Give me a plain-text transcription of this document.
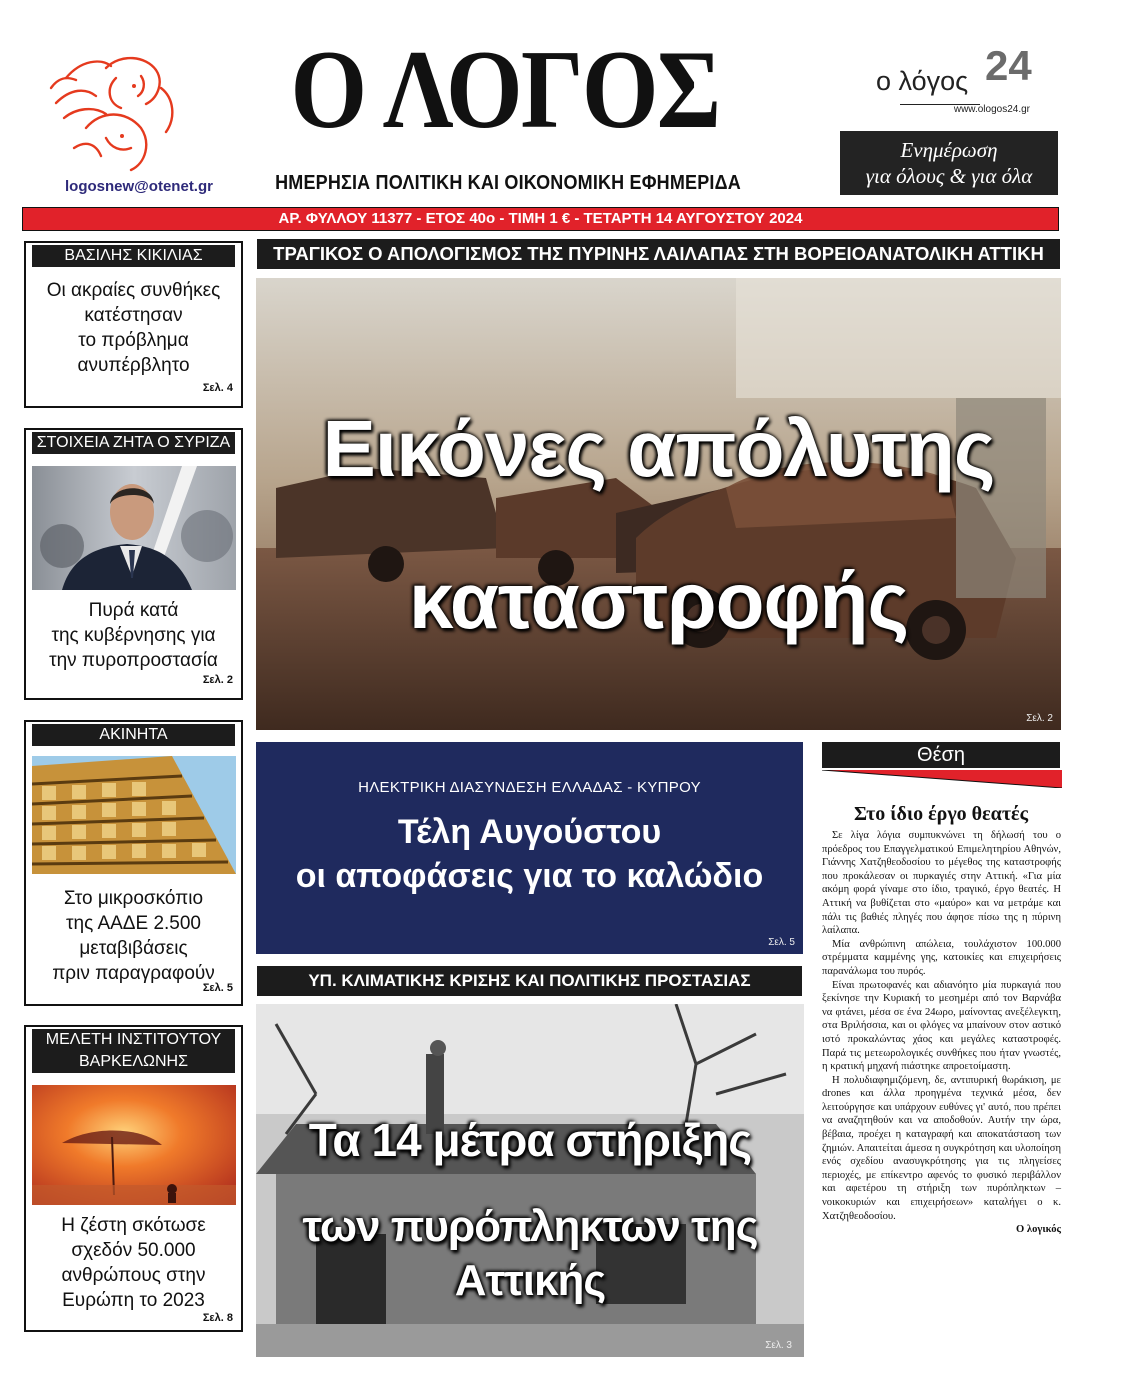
logosnew@otenet.gr
Ο ΛΟΓΟΣ
ΗΜΕΡΗΣΙΑ ΠΟΛΙΤΙΚΗ ΚΑΙ ΟΙΚΟΝΟΜΙΚΗ ΕΦΗΜΕΡΙΔΑ
ο λόγος 24
www.ologos24.gr
Ενημέρωση
για όλους & για όλα
ΑΡ. ΦΥΛΛΟΥ 11377 - ΕΤΟΣ 40ο - ΤΙΜΗ 1 € - ΤΕΤΑΡΤΗ 14 ΑΥΓΟΥΣΤΟΥ 2024
ΒΑΣΙΛΗΣ ΚΙΚΙΛΙΑΣ
Οι ακραίες συνθήκες
κατέστησαν
το πρόβλημα
ανυπέρβλητο
Σελ. 4
ΣΤΟΙΧΕΙΑ ΖΗΤΑ Ο ΣΥΡΙΖΑ
Πυρά κατά
της κυβέρνησης για
την πυροπροστασία
Σελ. 2
ΑΚΙΝΗΤΑ
Στο μικροσκόπιο
της ΑΑΔΕ 2.500
μεταβιβάσεις
πριν παραγραφούν
Σελ. 5
ΜΕΛΕΤΗ ΙΝΣΤΙΤΟΥΤΟΥ
ΒΑΡΚΕΛΩΝΗΣ
Η ζέστη σκότωσε
σχεδόν 50.000
ανθρώπους στην
Ευρώπη το 2023
Σελ. 8
ΤΡΑΓΙΚΟΣ Ο ΑΠΟΛΟΓΙΣΜΟΣ ΤΗΣ ΠΥΡΙΝΗΣ ΛΑΙΛΑΠΑΣ ΣΤΗ ΒΟΡΕΙΟΑΝΑΤΟΛΙΚΗ ΑΤΤΙΚΗ
Εικόνες απόλυτης
καταστροφής
Σελ. 2
ΗΛΕΚΤΡΙΚΗ ΔΙΑΣΥΝΔΕΣΗ ΕΛΛΑΔΑΣ - ΚΥΠΡΟΥ
Τέλη Αυγούστου
οι αποφάσεις για το καλώδιο
Σελ. 5
ΥΠ. ΚΛΙΜΑΤΙΚΗΣ ΚΡΙΣΗΣ ΚΑΙ ΠΟΛΙΤΙΚΗΣ ΠΡΟΣΤΑΣΙΑΣ
Τα 14 μέτρα στήριξης
των πυρόπληκτων της Αττικής
Σελ. 3
Θέση
Στο ίδιο έργο θεατές

Σε λίγα λόγια συμπυκνώνει τη δήλωσή του ο πρόεδρος του Επαγγελματικού Επιμελητηρίου Αθηνών, Γιάννης Χατζηθεοδοσίου το μέγεθος της καταστροφής που προκάλεσαν οι πυρκαγιές στην Αττική. «Για μία ακόμη φορά γίναμε στο ίδιο, τραγικό, έργο θεατές. Η Αττική να βυθίζεται στο «μαύρο» και να μετράμε και πάλι τις βαθιές πληγές που άφησε πίσω της η πύρινη λαίλαπα.

Μία ανθρώπινη απώλεια, τουλάχιστον 100.000 στρέμματα καμμένης γης, κατοικίες και επιχειρήσεις παρανάλωμα του πυρός.

Είναι πρωτοφανές και αδιανόητο μία πυρκαγιά που ξεκίνησε την Κυριακή το μεσημέρι από τον Βαρνάβα να φτάνει, μέσα σε ένα 24ωρο, μαίνοντας ανεξέλεγκτη, στα Βριλήσσια, και οι φλόγες να μπαίνουν στον αστικό ιστό προκαλώντας χάος και μεγάλες καταστροφές. Παρά τις μετεωρολογικές συνθήκες που ήταν γνωστές, η κρατική μηχανή πιάστηκε απροετοίμαστη.

Η πολυδιαφημιζόμενη, δε, αντιπυρική θωράκιση, με drones και άλλα προηγμένα τεχνικά μέσα, δεν λειτούργησε και υπάρχουν ευθύνες γι' αυτό, που πρέπει να αναζητηθούν και να αποδοθούν. Αυτήν την ώρα, βέβαια, προέχει η καταγραφή και αποκατάσταση των ζημιών. Απαιτείται άμεσα η συγκρότηση και υλοποίηση ενός σχεδίου ανασυγκρότησης για τις πληγείσες περιοχές, με επίκεντρο αφενός το φυσικό περιβάλλον και αφετέρου τη στήριξη των πυρόπληκτων – νοικοκυριών και επιχειρήσεων» καταλήγει ο κ. Χατζηθεοδοσίου.

Ο λογικός
